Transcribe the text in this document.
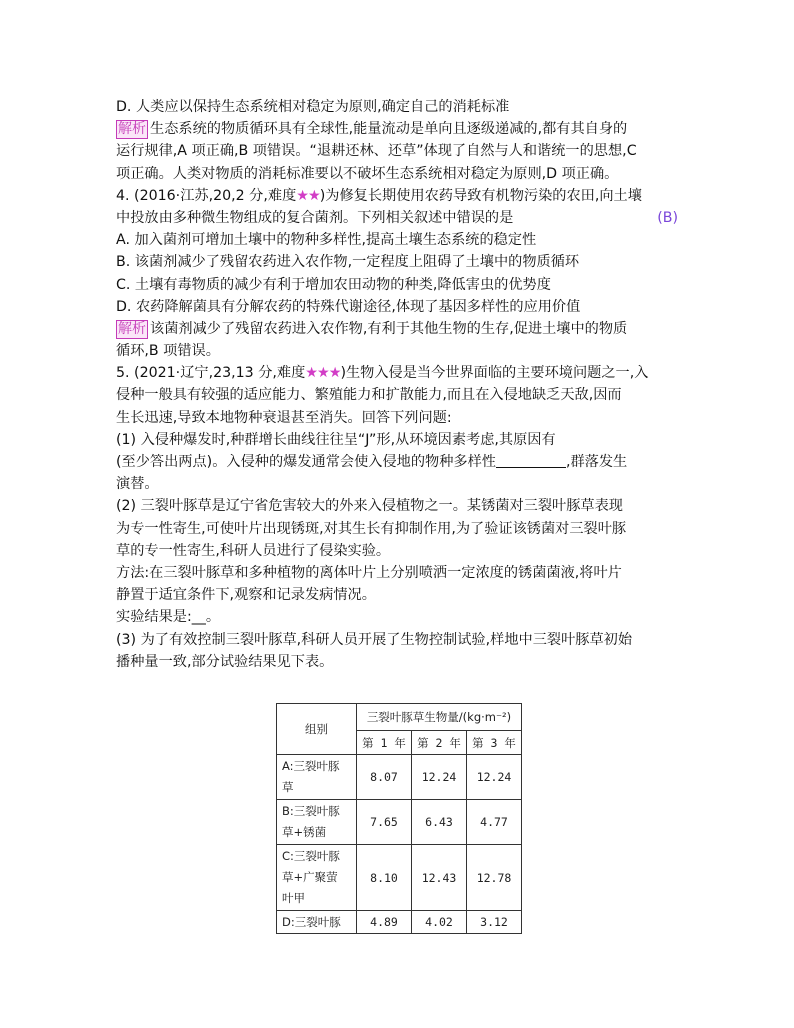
D. 人类应以保持生态系统相对稳定为原则,确定自己的消耗标准
解析 生态系统的物质循环具有全球性,能量流动是单向且逐级递减的,都有其自身的
运行规律,A 项正确,B 项错误。“退耕还林、还草”体现了自然与人和谐统一的思想,C
项正确。人类对物质的消耗标准要以不破坏生态系统相对稳定为原则,D 项正确。
4. (2016·江苏,20,2 分,难度★★)为修复长期使用农药导致有机物污染的农田,向土壤
中投放由多种微生物组成的复合菌剂。下列相关叙述中错误的是	(B)
A. 加入菌剂可增加土壤中的物种多样性,提高土壤生态系统的稳定性
B. 该菌剂减少了残留农药进入农作物,一定程度上阻碍了土壤中的物质循环
C. 土壤有毒物质的减少有利于增加农田动物的种类,降低害虫的优势度
D. 农药降解菌具有分解农药的特殊代谢途径,体现了基因多样性的应用价值
解析 该菌剂减少了残留农药进入农作物,有利于其他生物的生存,促进土壤中的物质
循环,B 项错误。
5. (2021·辽宁,23,13 分,难度★★★)生物入侵是当今世界面临的主要环境问题之一,入
侵种一般具有较强的适应能力、繁殖能力和扩散能力,而且在入侵地缺乏天敌,因而
生长迅速,导致本地物种衰退甚至消失。回答下列问题:
(1) 入侵种爆发时,种群增长曲线往往呈“J”形,从环境因素考虑,其原因有
(至少答出两点)。入侵种的爆发通常会使入侵地的物种多样性	,群落发生
演替。
(2) 三裂叶豚草是辽宁省危害较大的外来入侵植物之一。某锈菌对三裂叶豚草表现
为专一性寄生,可使叶片出现锈斑,对其生长有抑制作用,为了验证该锈菌对三裂叶豚
草的专一性寄生,科研人员进行了侵染实验。
方法:在三裂叶豚草和多种植物的离体叶片上分别喷洒一定浓度的锈菌菌液,将叶片
静置于适宜条件下,观察和记录发病情况。
实验结果是:__。
(3) 为了有效控制三裂叶豚草,科研人员开展了生物控制试验,样地中三裂叶豚草初始
播种量一致,部分试验结果见下表。
组别	三裂叶豚草生物量/(kg·m⁻²)		
	第 1 年	第 2 年	第 3 年

A:三裂叶豚
草	8.07	12.24	12.24

B:三裂叶豚
草+锈菌	7.65	6.43	4.77

C:三裂叶豚
草+广聚萤
叶甲	8.10	12.43	12.78

D:三裂叶豚	4.89	4.02	3.12
